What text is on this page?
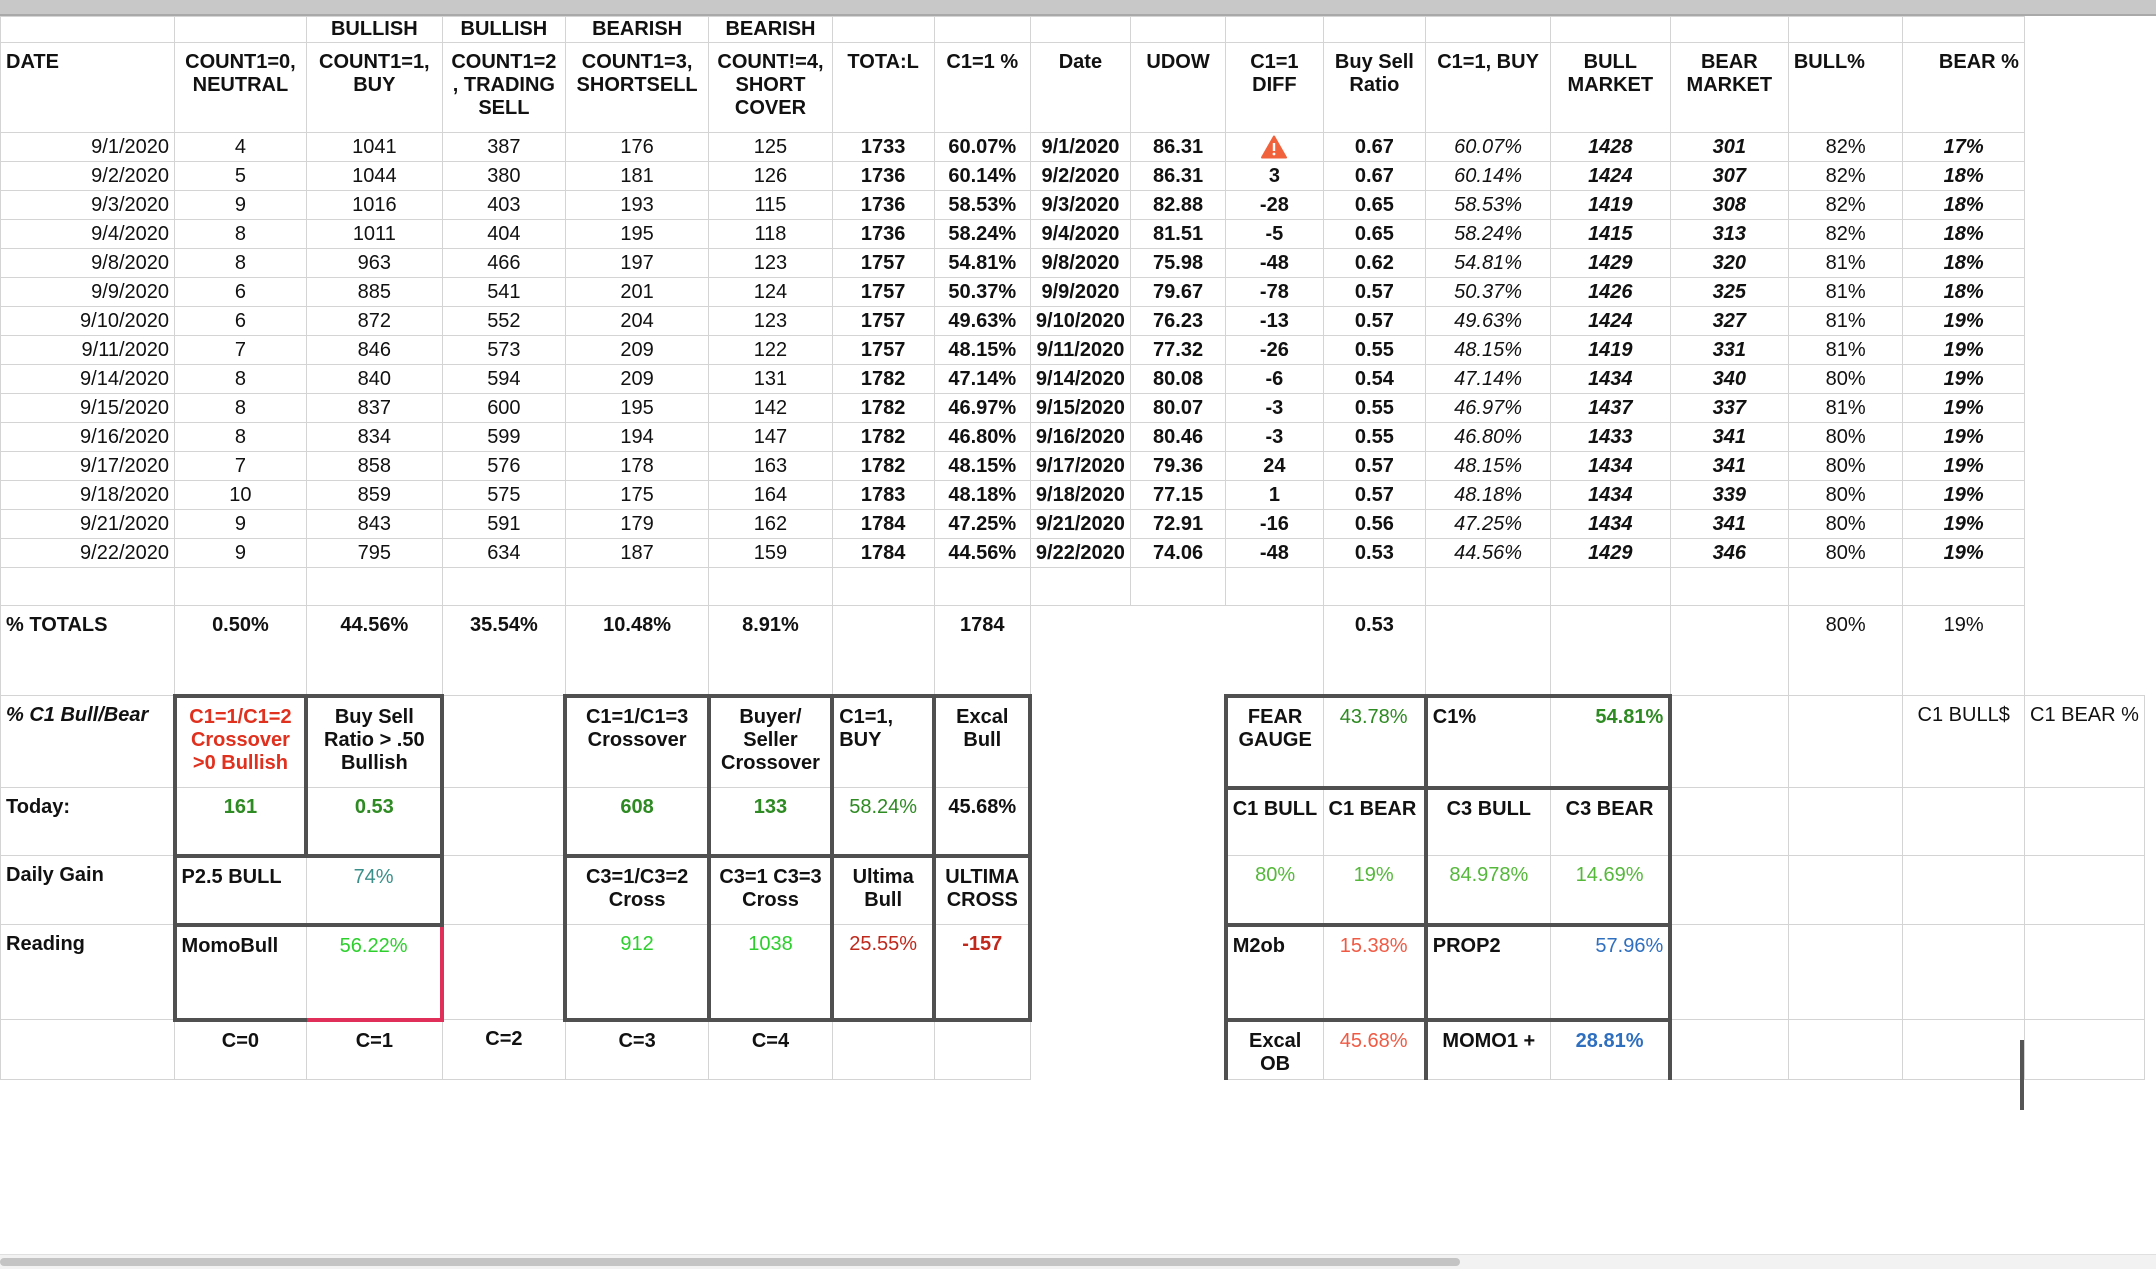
		BULLISH	BULLISH	BEARISH	BEARISH													
DATE	COUNT1=0, NEUTRAL	COUNT1=1, BUY	COUNT1=2 , TRADING SELL	COUNT1=3, SHORTSELL	COUNT!=4, SHORT COVER	TOTA:L	C1=1 %	Date	UDOW	C1=1 DIFF	Buy Sell Ratio	C1=1, BUY	BULL MARKET	BEAR MARKET	BULL%	BEAR %		
9/1/2020	4	1041	387	176	125	1733	60.07%	9/1/2020	86.31		0.67	60.07%	1428	301	82%	17%		
9/2/2020	5	1044	380	181	126	1736	60.14%	9/2/2020	86.31	3	0.67	60.14%	1424	307	82%	18%		
9/3/2020	9	1016	403	193	115	1736	58.53%	9/3/2020	82.88	-28	0.65	58.53%	1419	308	82%	18%		
9/4/2020	8	1011	404	195	118	1736	58.24%	9/4/2020	81.51	-5	0.65	58.24%	1415	313	82%	18%		
9/8/2020	8	963	466	197	123	1757	54.81%	9/8/2020	75.98	-48	0.62	54.81%	1429	320	81%	18%		
9/9/2020	6	885	541	201	124	1757	50.37%	9/9/2020	79.67	-78	0.57	50.37%	1426	325	81%	18%		
9/10/2020	6	872	552	204	123	1757	49.63%	9/10/2020	76.23	-13	0.57	49.63%	1424	327	81%	19%		
9/11/2020	7	846	573	209	122	1757	48.15%	9/11/2020	77.32	-26	0.55	48.15%	1419	331	81%	19%		
9/14/2020	8	840	594	209	131	1782	47.14%	9/14/2020	80.08	-6	0.54	47.14%	1434	340	80%	19%		
9/15/2020	8	837	600	195	142	1782	46.97%	9/15/2020	80.07	-3	0.55	46.97%	1437	337	81%	19%		
9/16/2020	8	834	599	194	147	1782	46.80%	9/16/2020	80.46	-3	0.55	46.80%	1433	341	80%	19%		
9/17/2020	7	858	576	178	163	1782	48.15%	9/17/2020	79.36	24	0.57	48.15%	1434	341	80%	19%		
9/18/2020	10	859	575	175	164	1783	48.18%	9/18/2020	77.15	1	0.57	48.18%	1434	339	80%	19%		
9/21/2020	9	843	591	179	162	1784	47.25%	9/21/2020	72.91	-16	0.56	47.25%	1434	341	80%	19%		
9/22/2020	9	795	634	187	159	1784	44.56%	9/22/2020	74.06	-48	0.53	44.56%	1429	346	80%	19%		

% TOTALS	0.50%	44.56%	35.54%	10.48%	8.91%		1784				0.53				80%	19%		
% C1 Bull/Bear	C1=1/C1=2 Crossover >0 Bullish	Buy Sell Ratio > .50 Bullish		C1=1/C1=3 Crossover	Buyer/ Seller Crossover	C1=1, BUY	Excal Bull			FEAR GAUGE	43.78%	C1%	54.81%			C1 BULL$	C1 BEAR %	
Today:	161	0.53		608	133	58.24%	45.68%			C1 BULL	C1 BEAR	C3 BULL	C3 BEAR					
Daily Gain	P2.5 BULL	74%		C3=1/C3=2 Cross	C3=1 C3=3 Cross	Ultima Bull	ULTIMA CROSS			80%	19%	84.978%	14.69%					
Reading	MomoBull	56.22%		912	1038	25.55%	-157			M2ob	15.38%	PROP2	57.96%					
	C=0	C=1	C=2	C=3	C=4					Excal OB	45.68%	MOMO1 +	28.81%					
